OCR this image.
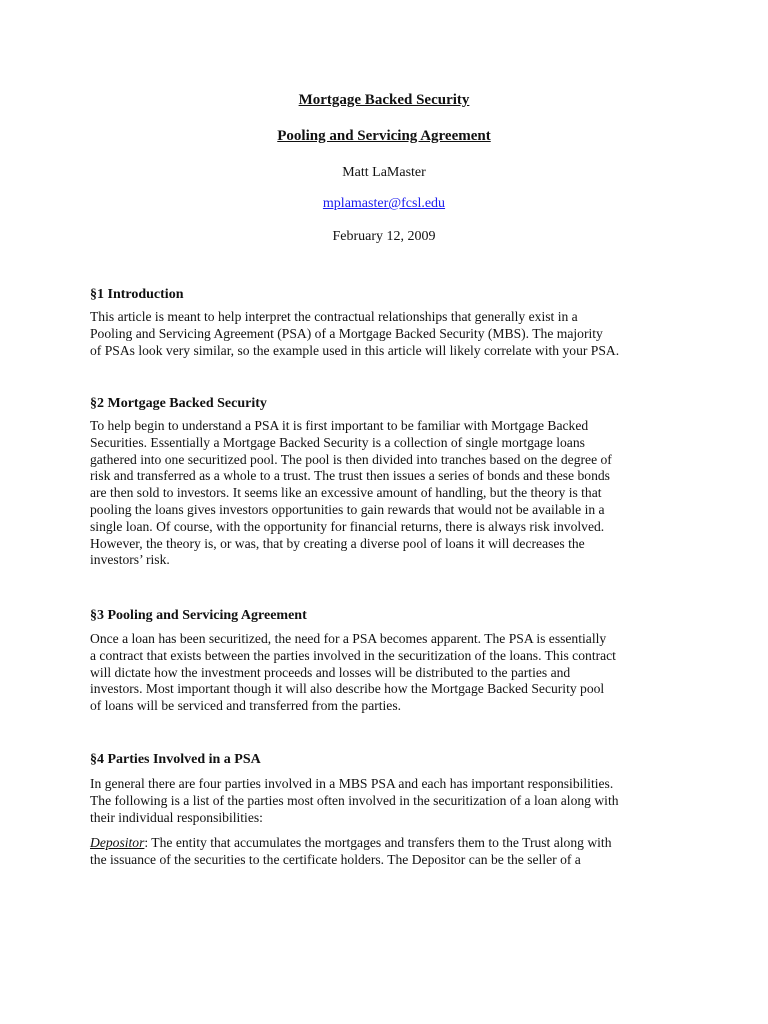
Mortgage Backed Security
Pooling and Servicing Agreement
Matt LaMaster
mplamaster@fcsl.edu
February 12, 2009
§1 Introduction
This article is meant to help interpret the contractual relationships that generally exist in a
Pooling and Servicing Agreement (PSA) of a Mortgage Backed Security (MBS). The majority
of PSAs look very similar, so the example used in this article will likely correlate with your PSA.
§2 Mortgage Backed Security
To help begin to understand a PSA it is first important to be familiar with Mortgage Backed
Securities. Essentially a Mortgage Backed Security is a collection of single mortgage loans
gathered into one securitized pool. The pool is then divided into tranches based on the degree of
risk and transferred as a whole to a trust. The trust then issues a series of bonds and these bonds
are then sold to investors. It seems like an excessive amount of handling, but the theory is that
pooling the loans gives investors opportunities to gain rewards that would not be available in a
single loan. Of course, with the opportunity for financial returns, there is always risk involved.
However, the theory is, or was, that by creating a diverse pool of loans it will decreases the
investors’ risk.
§3 Pooling and Servicing Agreement
Once a loan has been securitized, the need for a PSA becomes apparent. The PSA is essentially
a contract that exists between the parties involved in the securitization of the loans. This contract
will dictate how the investment proceeds and losses will be distributed to the parties and
investors. Most important though it will also describe how the Mortgage Backed Security pool
of loans will be serviced and transferred from the parties.
§4 Parties Involved in a PSA
In general there are four parties involved in a MBS PSA and each has important responsibilities.
The following is a list of the parties most often involved in the securitization of a loan along with
their individual responsibilities:
Depositor: The entity that accumulates the mortgages and transfers them to the Trust along with
the issuance of the securities to the certificate holders. The Depositor can be the seller of a
